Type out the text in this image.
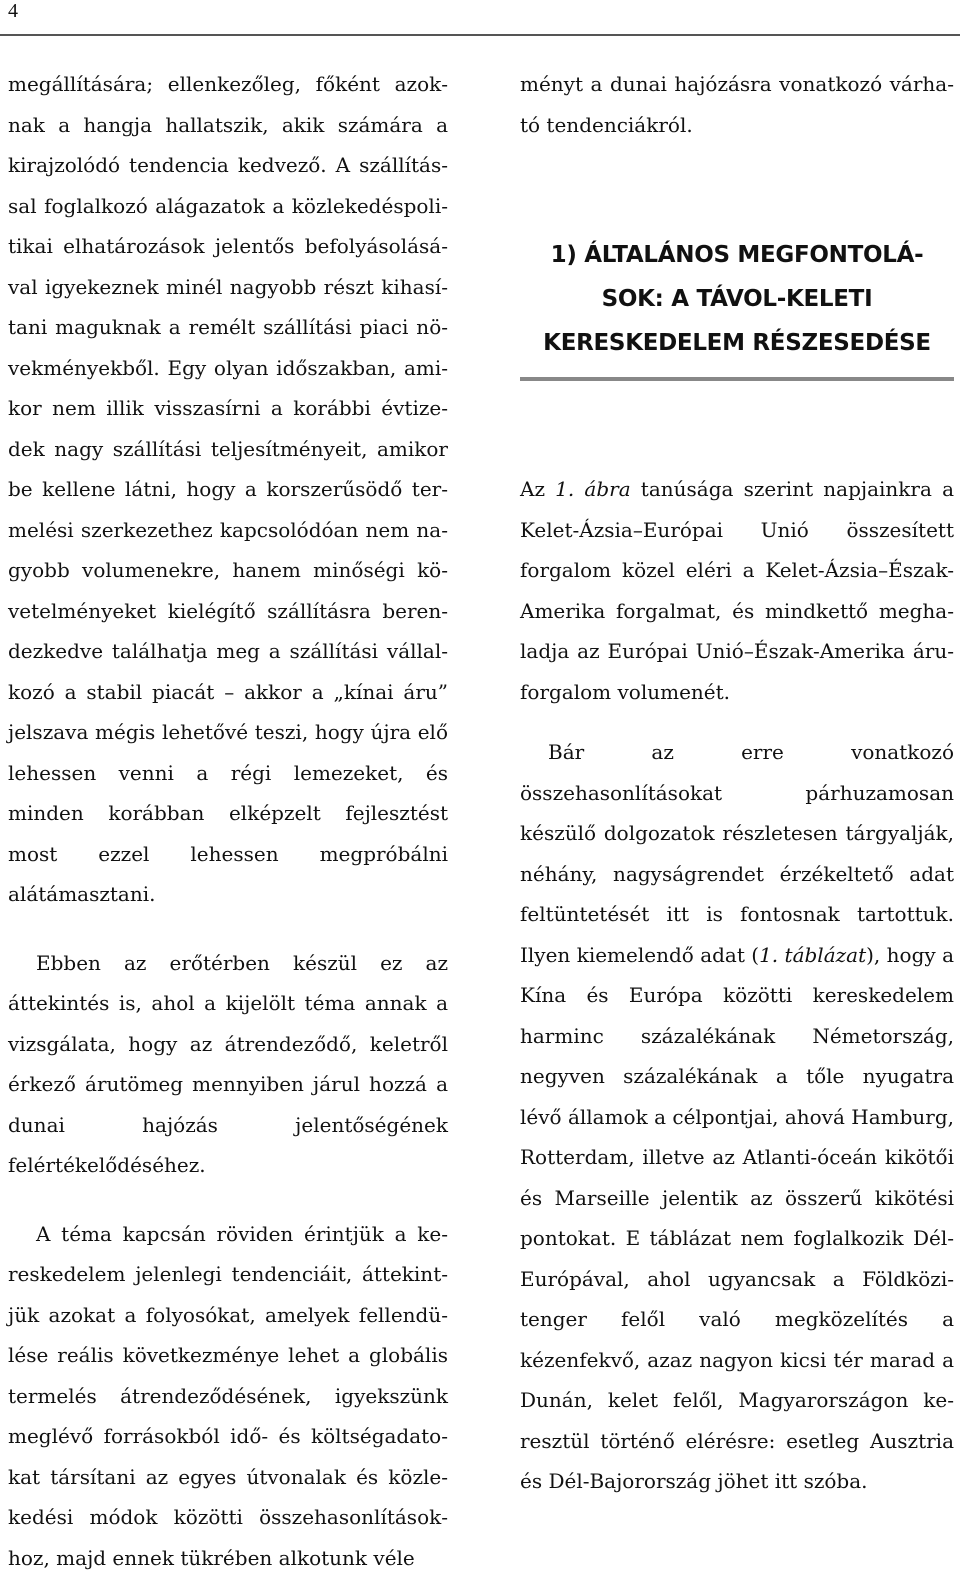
4

megállítására; ellenkezőleg, főként azoknak a hangja hallatszik, akik számára a kirajzolódó tendencia kedvező. A szállítással foglalkozó alágazatok a közlekedéspolitikai elhatározások jelentős befolyásolásával igyekeznek minél nagyobb részt kihasítani maguknak a remélt szállítási piaci növekményekből. Egy olyan időszakban, amikor nem illik visszasírni a korábbi évtizedek nagy szállítási teljesítményeit, amikor be kellene látni, hogy a korszerűsödő termelési szerkezethez kapcsolódóan nem nagyobb volumenekre, hanem minőségi követelményeket kielégítő szállításra berendezkedve találhatja meg a szállítási vállalkozó a stabil piacát – akkor a „kínai áru” jelszava mégis lehetővé teszi, hogy újra elő lehessen venni a régi lemezeket, és minden korábban elképzelt fejlesztést most ezzel lehessen megpróbálni alátámasztani.

Ebben az erőtérben készül ez az áttekintés is, ahol a kijelölt téma annak a vizsgálata, hogy az átrendeződő, keletről érkező árutömeg mennyiben járul hozzá a dunai hajózás jelentőségének felértékelődéséhez.

A téma kapcsán röviden érintjük a kereskedelem jelenlegi tendenciáit, áttekintjük azokat a folyosókat, amelyek fellendülése reális következménye lehet a globális termelés átrendeződésének, igyekszünk meglévő forrásokból idő- és költségadatokat társítani az egyes útvonalak és közlekedési módok közötti összehasonlításokhoz, majd ennek tükrében alkotunk véle

ményt a dunai hajózásra vonatkozó várható tendenciákról.

1) ÁLTALÁNOS MEGFONTOLÁ-
SOK: A TÁVOL-KELETI
KERESKEDELEM RÉSZESEDÉSE

Az 1. ábra tanúsága szerint napjainkra a Kelet-Ázsia–Európai Unió összesített forgalom közel eléri a Kelet-Ázsia–Észak-Amerika forgalmat, és mindkettő meghaladja az Európai Unió–Észak-Amerika áruforgalom volumenét.

Bár az erre vonatkozó összehasonlításokat párhuzamosan készülő dolgozatok részletesen tárgyalják, néhány, nagyságrendet érzékeltető adat feltüntetését itt is fontosnak tartottuk. Ilyen kiemelendő adat (1. táblázat), hogy a Kína és Európa közötti kereskedelem harminc százalékának Németország, negyven százalékának a tőle nyugatra lévő államok a célpontjai, ahová Hamburg, Rotterdam, illetve az Atlanti-óceán kikötői és Marseille jelentik az összerű kikötési pontokat. E táblázat nem foglalkozik Dél-Európával, ahol ugyancsak a Földközi-tenger felől való megközelítés a kézenfekvő, azaz nagyon kicsi tér marad a Dunán, kelet felől, Magyarországon keresztül történő elérésre: esetleg Ausztria és Dél-Bajorország jöhet itt szóba.
